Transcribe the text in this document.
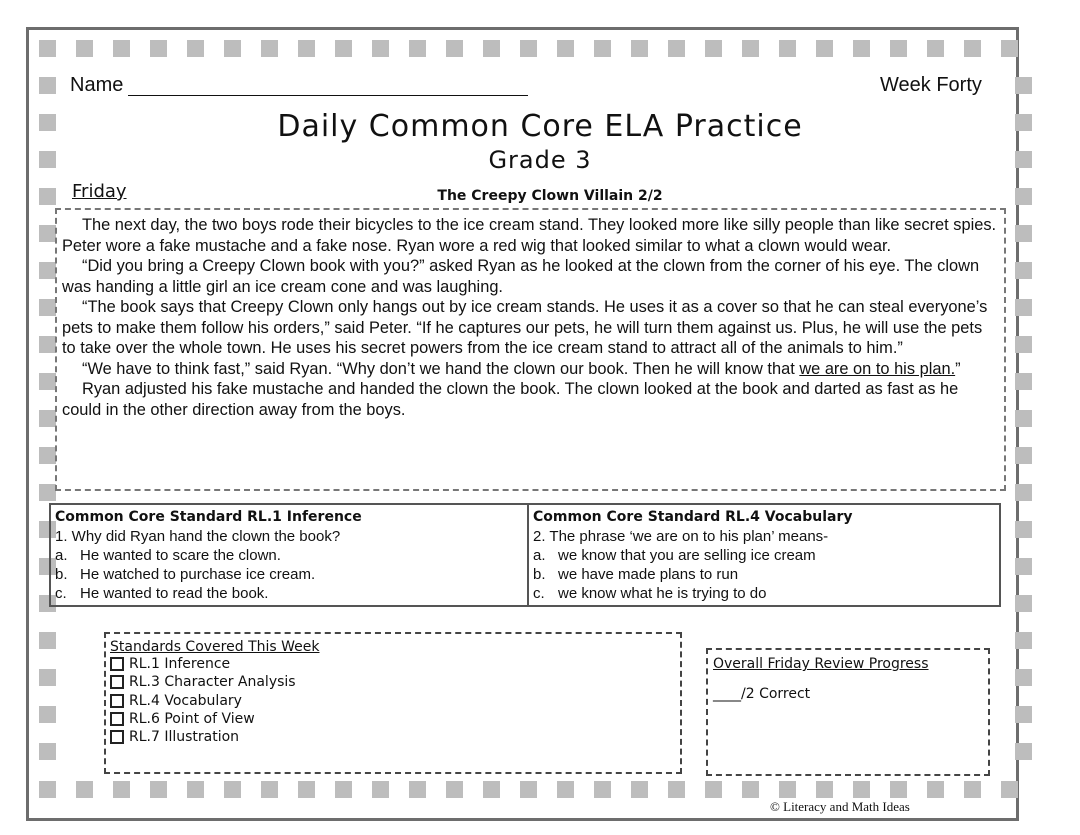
Name	Week Forty
Daily Common Core ELA Practice
Grade 3
Friday	The Creepy Clown Villain 2/2

The next day, the two boys rode their bicycles to the ice cream stand. They looked more like silly people than like secret spies. Peter wore a fake mustache and a fake nose. Ryan wore a red wig that looked similar to what a clown would wear.

“Did you bring a Creepy Clown book with you?” asked Ryan as he looked at the clown from the corner of his eye. The clown was handing a little girl an ice cream cone and was laughing.

“The book says that Creepy Clown only hangs out by ice cream stands. He uses it as a cover so that he can steal everyone’s pets to make them follow his orders,” said Peter. “If he captures our pets, he will turn them against us. Plus, he will use the pets to take over the whole town. He uses his secret powers from the ice cream stand to attract all of the animals to him.”

“We have to think fast,” said Ryan. “Why don’t we hand the clown our book. Then he will know that we are on to his plan.”

Ryan adjusted his fake mustache and handed the clown the book. The clown looked at the book and darted as fast as he could in the other direction away from the boys.

Common Core Standard RL.1 Inference
1. Why did Ryan hand the clown the book?
a. He wanted to scare the clown.
b. He watched to purchase ice cream.
c. He wanted to read the book.
Common Core Standard RL.4 Vocabulary
2. The phrase ‘we are on to his plan’ means-
a. we know that you are selling ice cream
b. we have made plans to run
c. we know what he is trying to do
Standards Covered This Week
RL.1 Inference
RL.3 Character Analysis
RL.4 Vocabulary
RL.6 Point of View
RL.7 Illustration
Overall Friday Review Progress
____/2 Correct
© Literacy and Math Ideas
